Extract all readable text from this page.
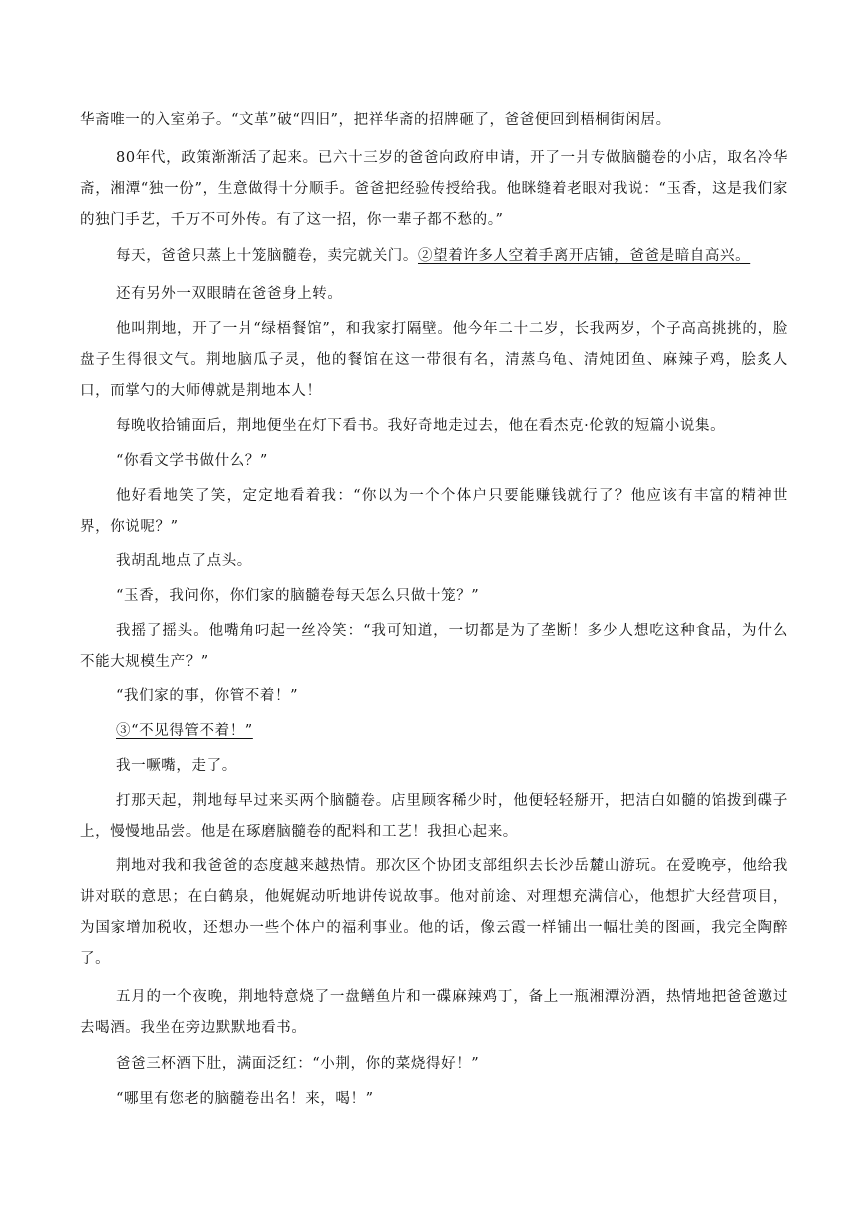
华斋唯一的入室弟子。“文革”破“四旧”，把祥华斋的招牌砸了，爸爸便回到梧桐街闲居。

80年代，政策渐渐活了起来。已六十三岁的爸爸向政府申请，开了一爿专做脑髓卷的小店，取名冷华斋，湘潭“独一份”，生意做得十分顺手。爸爸把经验传授给我。他眯缝着老眼对我说：“玉香，这是我们家的独门手艺，千万不可外传。有了这一招，你一辈子都不愁的。”

每天，爸爸只蒸上十笼脑髓卷，卖完就关门。②望着许多人空着手离开店铺，爸爸是暗自高兴。

还有另外一双眼睛在爸爸身上转。

他叫荆地，开了一爿“绿梧餐馆”，和我家打隔壁。他今年二十二岁，长我两岁，个子高高挑挑的，脸盘子生得很文气。荆地脑瓜子灵，他的餐馆在这一带很有名，清蒸乌龟、清炖团鱼、麻辣子鸡，脍炙人口，而掌勺的大师傅就是荆地本人！

每晚收拾铺面后，荆地便坐在灯下看书。我好奇地走过去，他在看杰克·伦敦的短篇小说集。

“你看文学书做什么？”

他好看地笑了笑，定定地看着我：“你以为一个个体户只要能赚钱就行了？他应该有丰富的精神世界，你说呢？”

我胡乱地点了点头。

“玉香，我问你，你们家的脑髓卷每天怎么只做十笼？”

我摇了摇头。他嘴角叼起一丝冷笑：“我可知道，一切都是为了垄断！多少人想吃这种食品，为什么不能大规模生产？”

“我们家的事，你管不着！”

③“不见得管不着！”

我一噘嘴，走了。

打那天起，荆地每早过来买两个脑髓卷。店里顾客稀少时，他便轻轻掰开，把洁白如髓的馅拨到碟子上，慢慢地品尝。他是在琢磨脑髓卷的配料和工艺！我担心起来。

荆地对我和我爸爸的态度越来越热情。那次区个协团支部组织去长沙岳麓山游玩。在爱晚亭，他给我讲对联的意思；在白鹤泉，他娓娓动听地讲传说故事。他对前途、对理想充满信心，他想扩大经营项目，为国家增加税收，还想办一些个体户的福利事业。他的话，像云霞一样铺出一幅壮美的图画，我完全陶醉了。

五月的一个夜晚，荆地特意烧了一盘鳝鱼片和一碟麻辣鸡丁，备上一瓶湘潭汾酒，热情地把爸爸邀过去喝酒。我坐在旁边默默地看书。

爸爸三杯酒下肚，满面泛红：“小荆，你的菜烧得好！”

“哪里有您老的脑髓卷出名！来，喝！”
